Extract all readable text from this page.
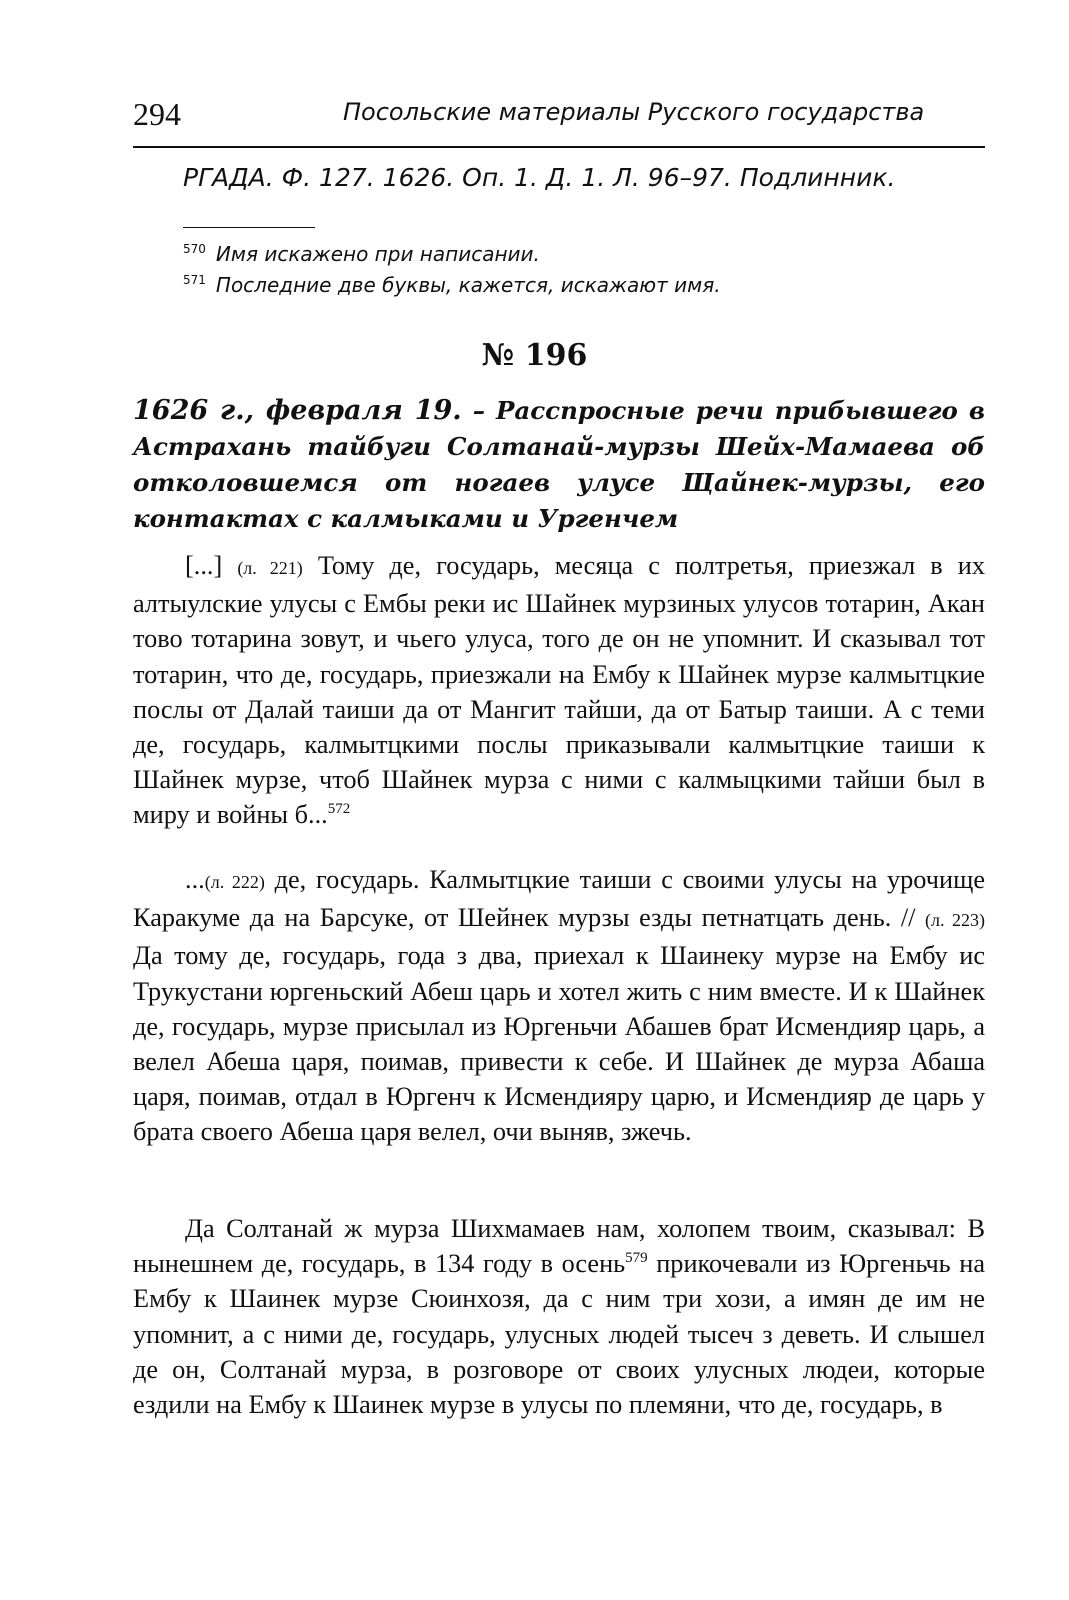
294	Посольские материалы Русского государства
РГАДА. Ф. 127. 1626. Оп. 1. Д. 1. Л. 96–97. Подлинник.
$^{570}$ Имя искажено при написании.
$^{571}$ Последние две буквы, кажется, искажают имя.
№ 196
1626 г., февраля 19. – Расспросные речи прибывшего в Астрахань тайбуги Солтанай-мурзы Шейх-Мамаева об отколовшемся от ногаев улусе Щайнек-мурзы, его контактах с калмыками и Ургенчем

[...] (л. 221) Тому де, государь, месяца с полтретья, приезжал в их алтыулские улусы с Ембы реки ис Шайнек мурзиных улусов тотарин, Акан тово тотарина зовут, и чьего улуса, того де он не упомнит. И сказывал тот тотарин, что де, государь, приезжали на Ембу к Шайнек мурзе калмытцкие послы от Далай таиши да от Мангит тайши, да от Батыр таиши. А с теми де, государь, калмытцкими послы приказывали калмытцкие таиши к Шайнек мурзе, чтоб Шайнек мурза с ними с калмыцкими тайши был в миру и войны б...$^{572}$

...(л. 222) де, государь. Калмытцкие таиши с своими улусы на урочище Каракуме да на Барсуке, от Шейнек мурзы езды петнатцать день. // (л. 223) Да тому де, государь, года з два, приехал к Шаинеку мурзе на Ембу ис Трукустани юргеньский Абеш царь и хотел жить с ним вместе. И к Шайнек де, государь, мурзе присылал из Юргеньчи Абашев брат Исмендияр царь, а велел Абеша царя, поимав, привести к себе. И Шайнек де мурза Абаша царя, поимав, отдал в Юргенч к Исмендияру царю, и Исмендияр де царь у брата своего Абеша царя велел, очи выняв, зжечь.

Да Солтанай ж мурза Шихмамаев нам, холопем твоим, сказывал: В нынешнем де, государь, в 134 году в осень$^{579}$ прикочевали из Юргеньчь на Ембу к Шаинек мурзе Сюинхозя, да с ним три хози, а имян де им не упомнит, а с ними де, государь, улусных людей тысеч з деветь. И слышел де он, Солтанай мурза, в розговоре от своих улусных людеи, которые ездили на Ембу к Шаинек мурзе в улусы по племяни, что де, государь, в
